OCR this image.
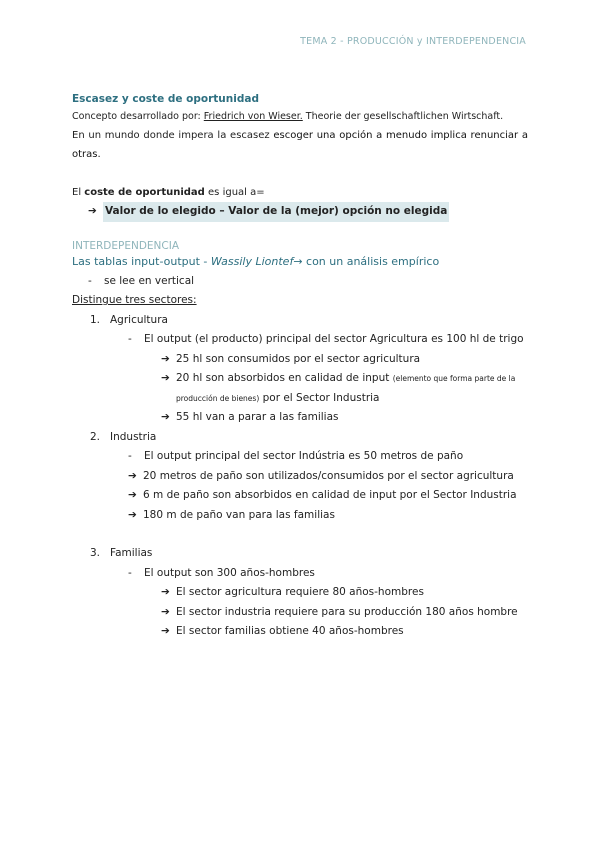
TEMA 2 - PRODUCCIÓN y INTERDEPENDENCIA
Escasez y coste de oportunidad
Concepto desarrollado por: Friedrich von Wieser. Theorie der gesellschaftlichen Wirtschaft.
En un mundo donde impera la escasez escoger una opción a menudo implica renunciar a otras.
El coste de oportunidad es igual a=
➔ Valor de lo elegido – Valor de la (mejor) opción no elegida
INTERDEPENDENCIA
Las tablas input-output - Wassily Liontef→ con un análisis empírico
-	se lee en vertical
Distingue tres sectores:
1. Agricultura
-	El output (el producto) principal del sector Agricultura es 100 hl de trigo
➔ 25 hl son consumidos por el sector agricultura
➔ 20 hl son absorbidos en calidad de input (elemento que forma parte de la producción de bienes) por el Sector Industria
➔ 55 hl van a parar a las familias
2. Industria
-	El output principal del sector Indústria es 50 metros de paño
➔ 20 metros de paño son utilizados/consumidos por el sector agricultura
➔ 6 m de paño son absorbidos en calidad de input por el Sector Industria
➔ 180 m de paño van para las familias
3. Familias
-	El output son 300 años-hombres
➔ El sector agricultura requiere 80 años-hombres
➔ El sector industria requiere para su producción 180 años hombre
➔ El sector familias obtiene 40 años-hombres
